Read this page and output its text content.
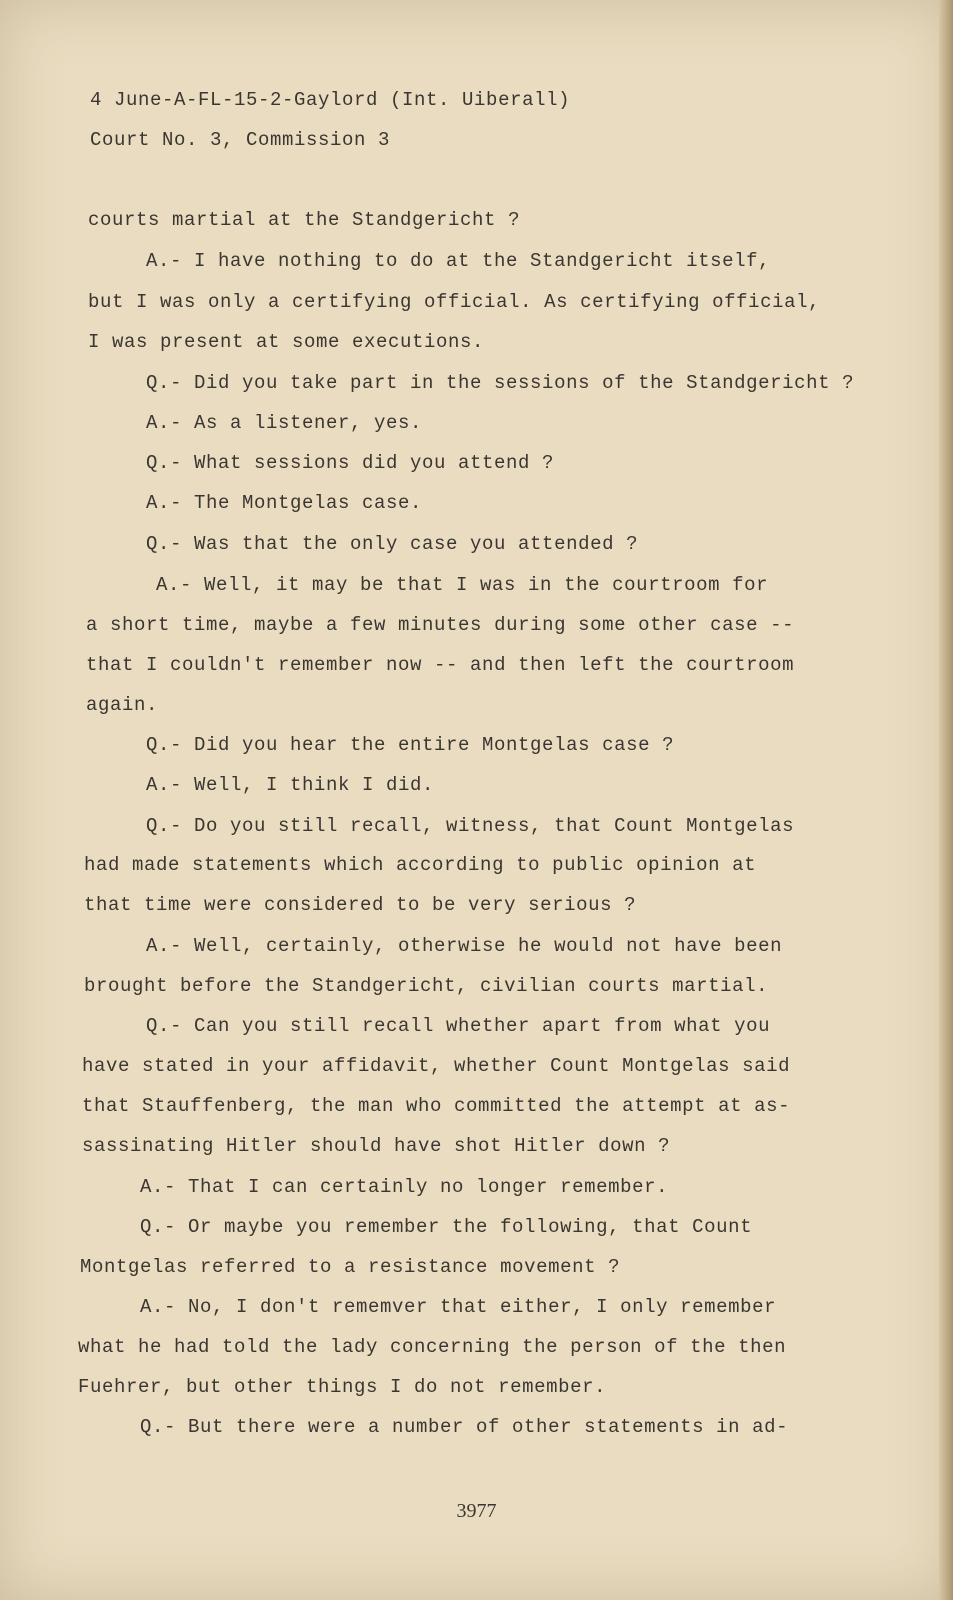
4 June-A-FL-15-2-Gaylord (Int. Uiberall)
Court No. 3, Commission 3
courts martial at the Standgericht ?
A.- I have nothing to do at the Standgericht itself,
but I was only a certifying official. As certifying official,
I was present at some executions.
Q.- Did you take part in the sessions of the Standgericht ?
A.- As a listener, yes.
Q.- What sessions did you attend ?
A.- The Montgelas case.
Q.- Was that the only case you attended ?
A.- Well, it may be that I was in the courtroom for
a short time, maybe a few minutes during some other case --
that I couldn't remember now -- and then left the courtroom
again.
Q.- Did you hear the entire Montgelas case ?
A.- Well, I think I did.
Q.- Do you still recall, witness, that Count Montgelas
had made statements which according to public opinion at
that time were considered to be very serious ?
A.- Well, certainly, otherwise he would not have been
brought before the Standgericht, civilian courts martial.
Q.- Can you still recall whether apart from what you
have stated in your affidavit, whether Count Montgelas said
that Stauffenberg, the man who committed the attempt at as-
sassinating Hitler should have shot Hitler down ?
A.- That I can certainly no longer remember.
Q.- Or maybe you remember the following, that Count
Montgelas referred to a resistance movement ?
A.- No, I don't rememver that either, I only remember
what he had told the lady concerning the person of the then
Fuehrer, but other things I do not remember.
Q.- But there were a number of other statements in ad-
3977
